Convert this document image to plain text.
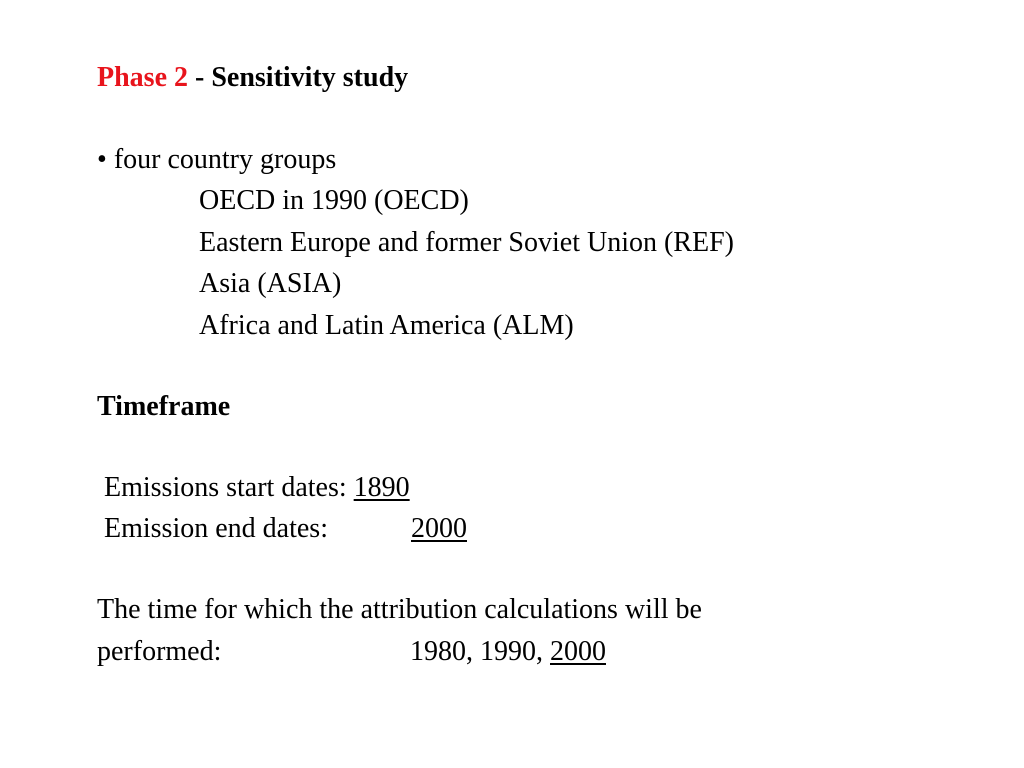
Phase 2 - Sensitivity study
• four country groups
OECD in 1990 (OECD)
Eastern Europe and former Soviet Union (REF)
Asia (ASIA)
Africa and Latin America (ALM)
Timeframe
Emissions start dates: 1890
Emission end dates:	2000
The time for which the attribution calculations will be
performed:	1980, 1990, 2000
